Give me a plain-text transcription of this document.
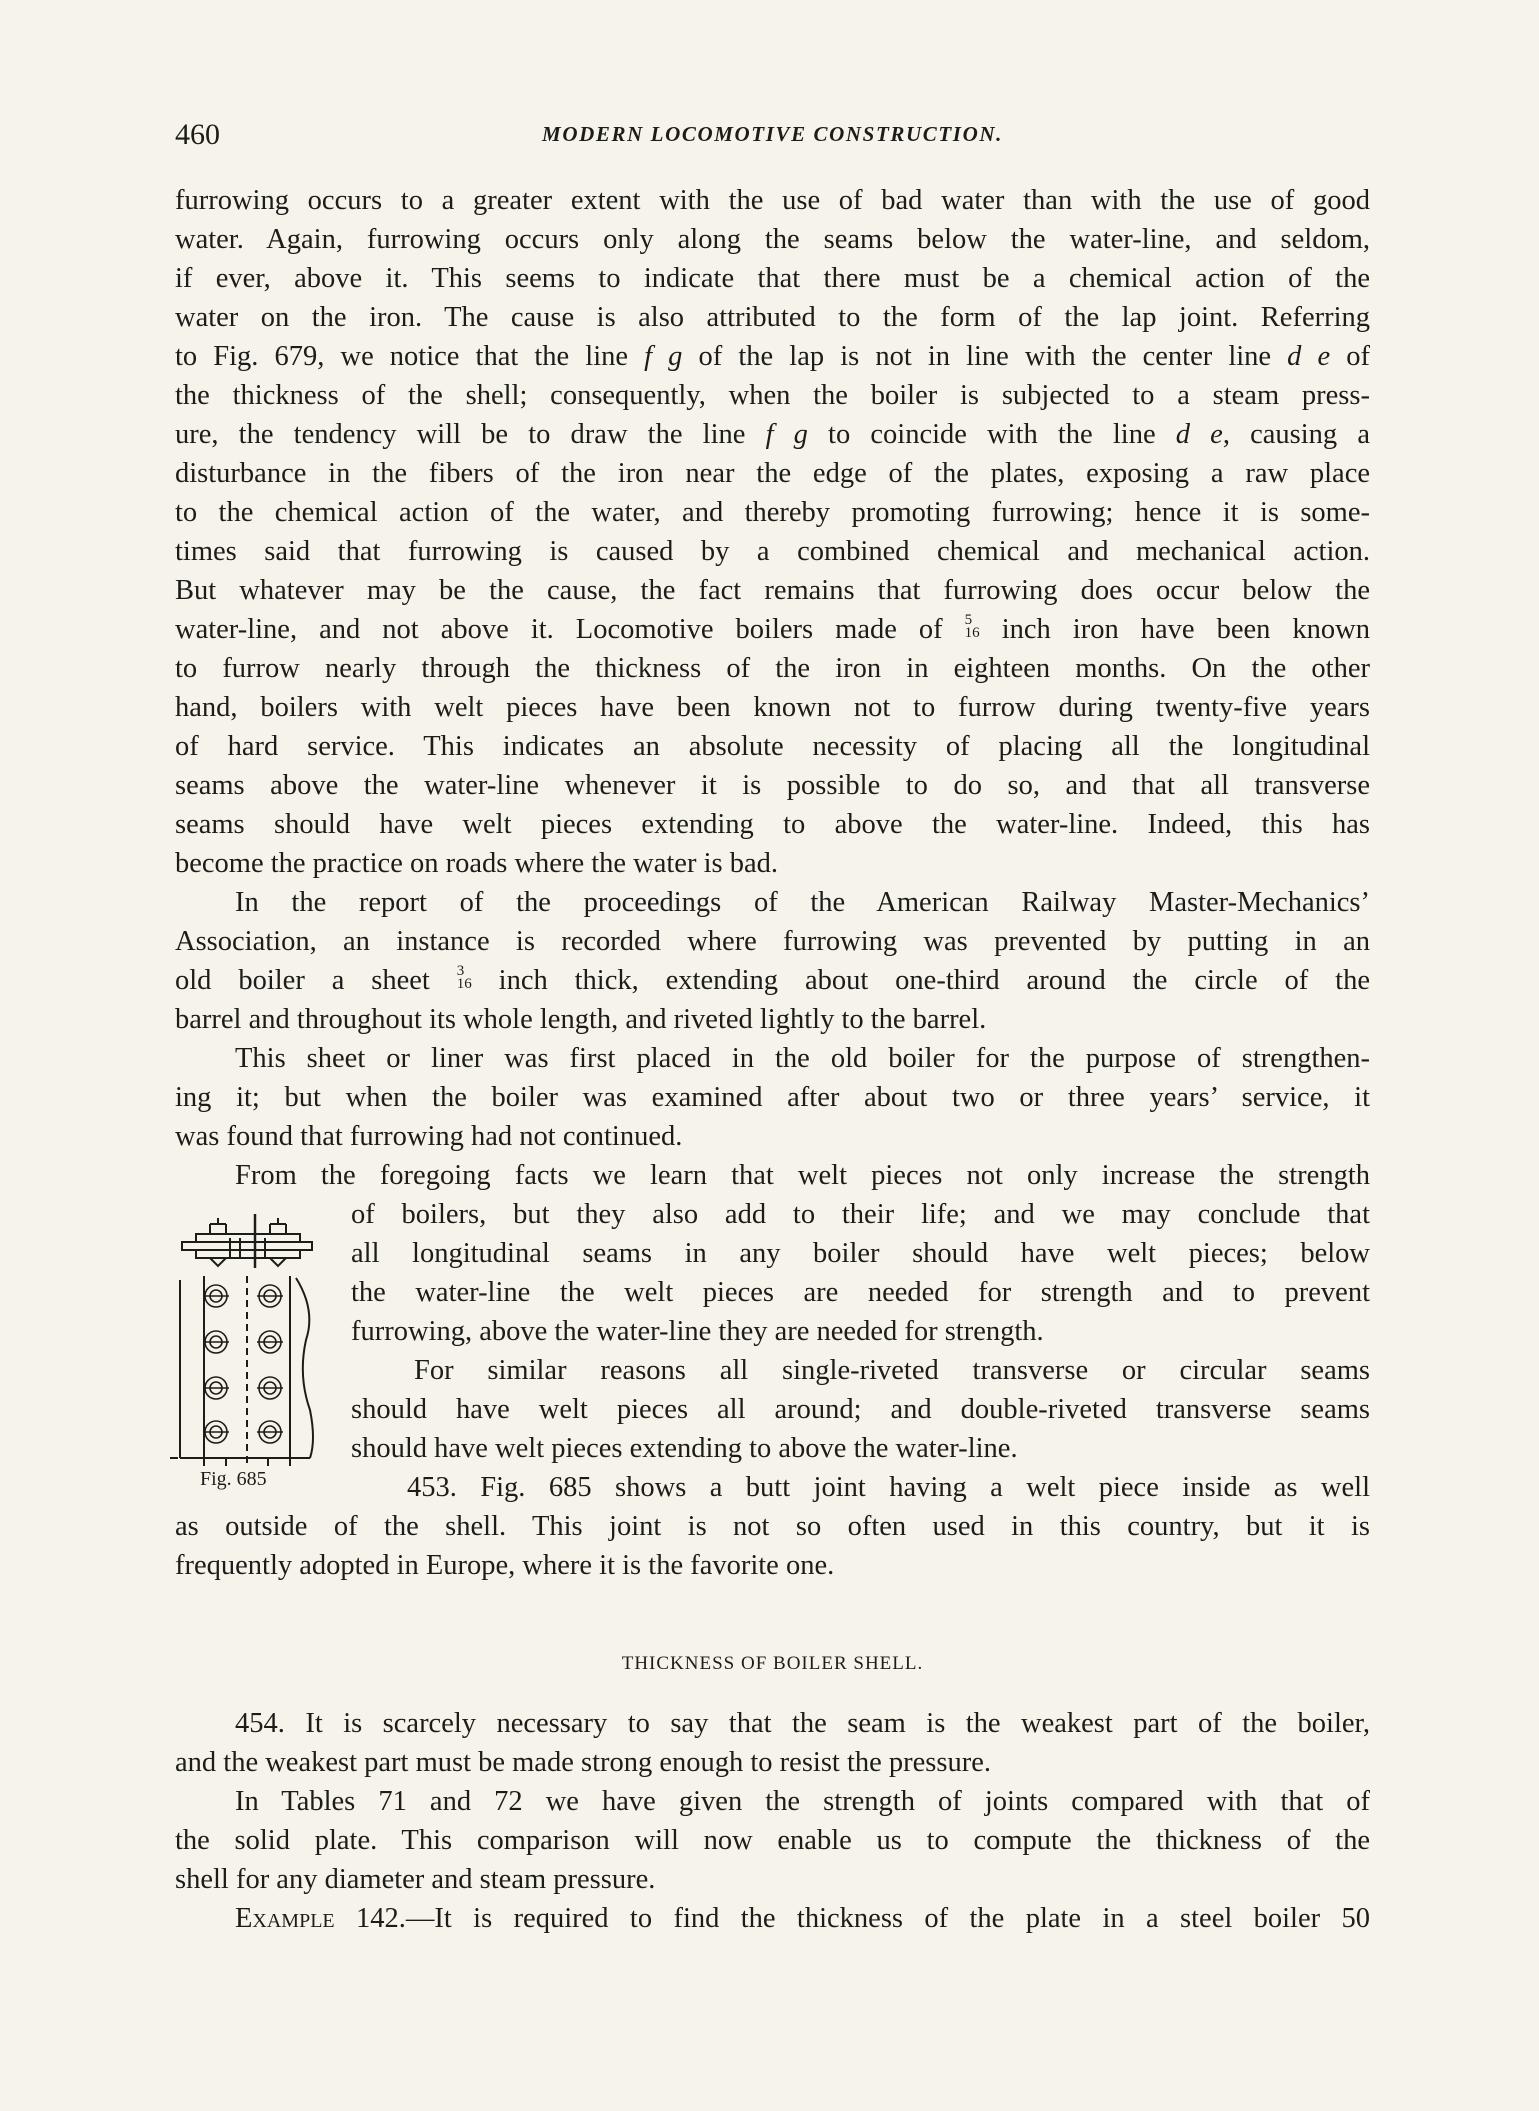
460	MODERN LOCOMOTIVE CONSTRUCTION.
furrowing occurs to a greater extent with the use of bad water than with the use of good
water. Again, furrowing occurs only along the seams below the water-line, and seldom,
if ever, above it. This seems to indicate that there must be a chemical action of the
water on the iron. The cause is also attributed to the form of the lap joint. Referring
to Fig. 679, we notice that the line f g of the lap is not in line with the center line d e of
the thickness of the shell; consequently, when the boiler is subjected to a steam press-
ure, the tendency will be to draw the line f g to coincide with the line d e, causing a
disturbance in the fibers of the iron near the edge of the plates, exposing a raw place
to the chemical action of the water, and thereby promoting furrowing; hence it is some-
times said that furrowing is caused by a combined chemical and mechanical action.
But whatever may be the cause, the fact remains that furrowing does occur below the
water-line, and not above it. Locomotive boilers made of 5
16 inch iron have been known
to furrow nearly through the thickness of the iron in eighteen months. On the other
hand, boilers with welt pieces have been known not to furrow during twenty-five years
of hard service. This indicates an absolute necessity of placing all the longitudinal
seams above the water-line whenever it is possible to do so, and that all transverse
seams should have welt pieces extending to above the water-line. Indeed, this has
become the practice on roads where the water is bad.
In the report of the proceedings of the American Railway Master-Mechanics’
Association, an instance is recorded where furrowing was prevented by putting in an
old boiler a sheet 3
16 inch thick, extending about one-third around the circle of the
barrel and throughout its whole length, and riveted lightly to the barrel.
This sheet or liner was first placed in the old boiler for the purpose of strengthen-
ing it; but when the boiler was examined after about two or three years’ service, it
was found that furrowing had not continued.
From the foregoing facts we learn that welt pieces not only increase the strength
of boilers, but they also add to their life; and we may conclude that
all longitudinal seams in any boiler should have welt pieces; below
the water-line the welt pieces are needed for strength and to prevent
furrowing, above the water-line they are needed for strength.
For similar reasons all single-riveted transverse or circular seams
should have welt pieces all around; and double-riveted transverse seams
should have welt pieces extending to above the water-line.
453. Fig. 685 shows a butt joint having a welt piece inside as well
as outside of the shell. This joint is not so often used in this country, but it is
frequently adopted in Europe, where it is the favorite one.
Fig. 685
THICKNESS OF BOILER SHELL.
454. It is scarcely necessary to say that the seam is the weakest part of the boiler,
and the weakest part must be made strong enough to resist the pressure.
In Tables 71 and 72 we have given the strength of joints compared with that of
the solid plate. This comparison will now enable us to compute the thickness of the
shell for any diameter and steam pressure.
Example 142.—It is required to find the thickness of the plate in a steel boiler 50
